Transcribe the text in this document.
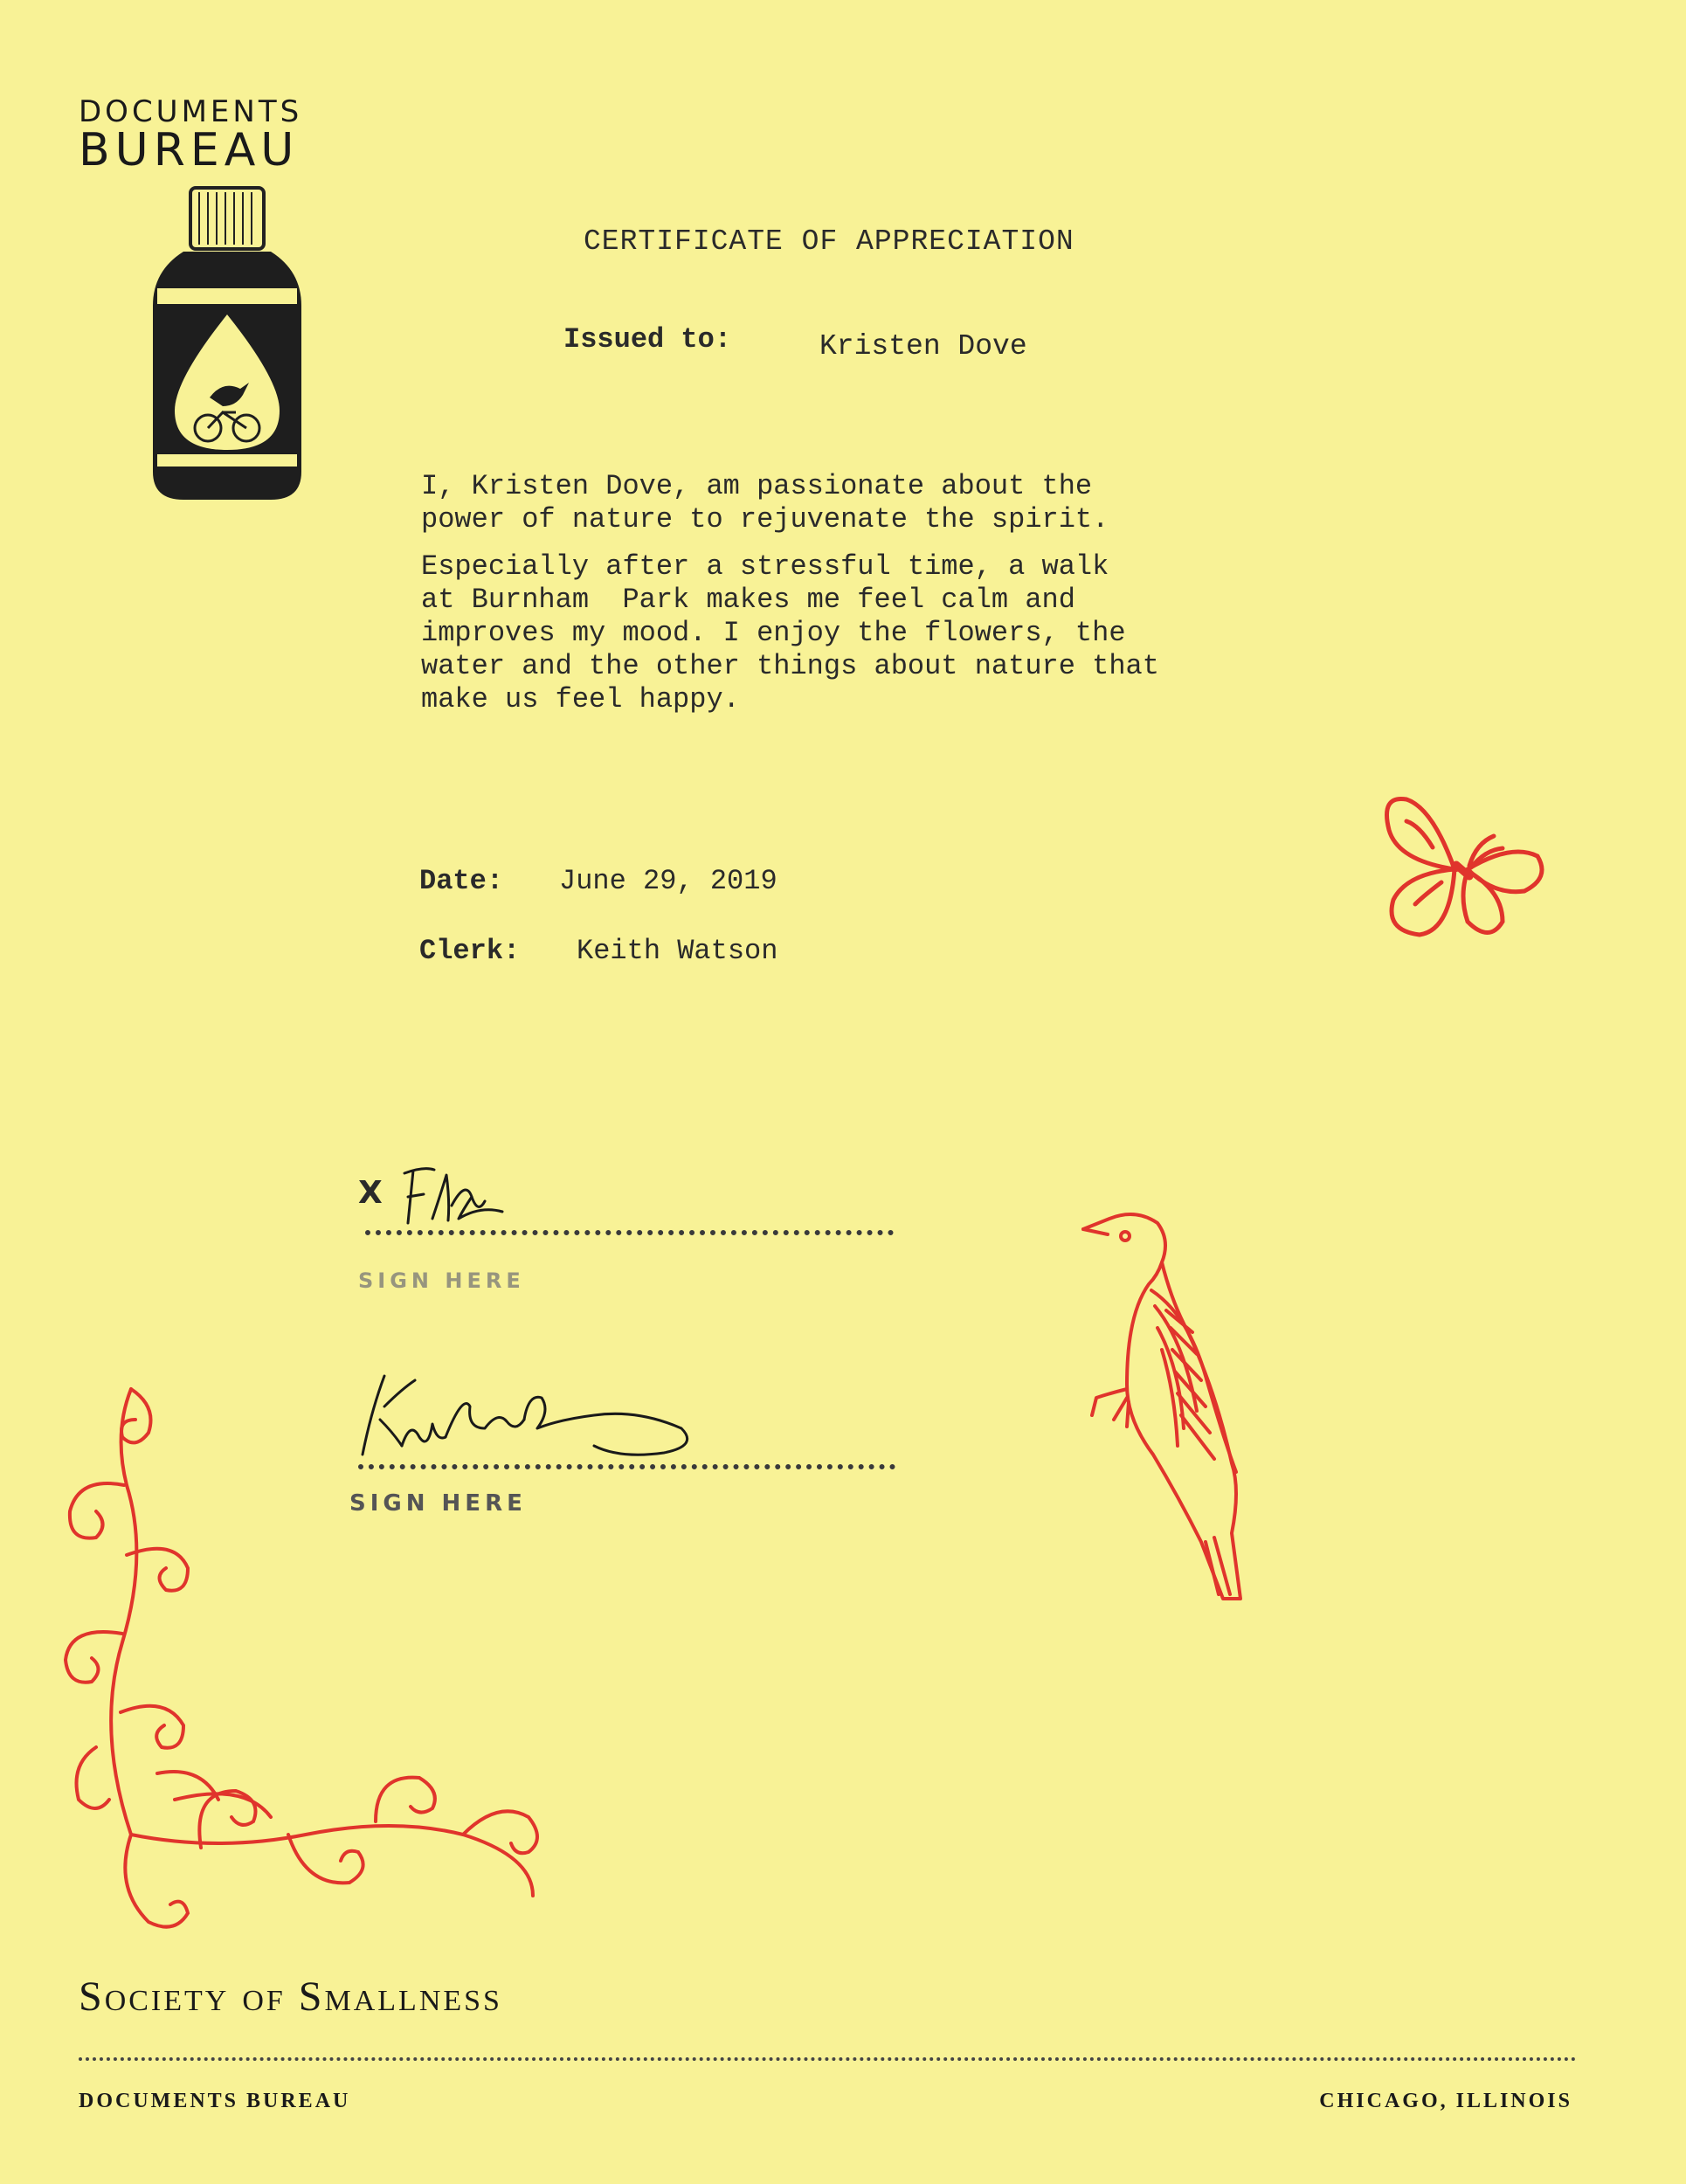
DOCUMENTS
BUREAU
CERTIFICATE OF APPRECIATION
Issued to:	Kristen Dove

I, Kristen Dove, am passionate about the

power of nature to rejuvenate the spirit.

Especially after a stressful time, a walk

at Burnham  Park makes me feel calm and

improves my mood. I enjoy the flowers, the

water and the other things about nature that

make us feel happy.

Date: June 29, 2019
Clerk: Keith Watson
X
SIGN HERE
SIGN HERE
Society of Smallness
DOCUMENTS BUREAU	CHICAGO, ILLINOIS
